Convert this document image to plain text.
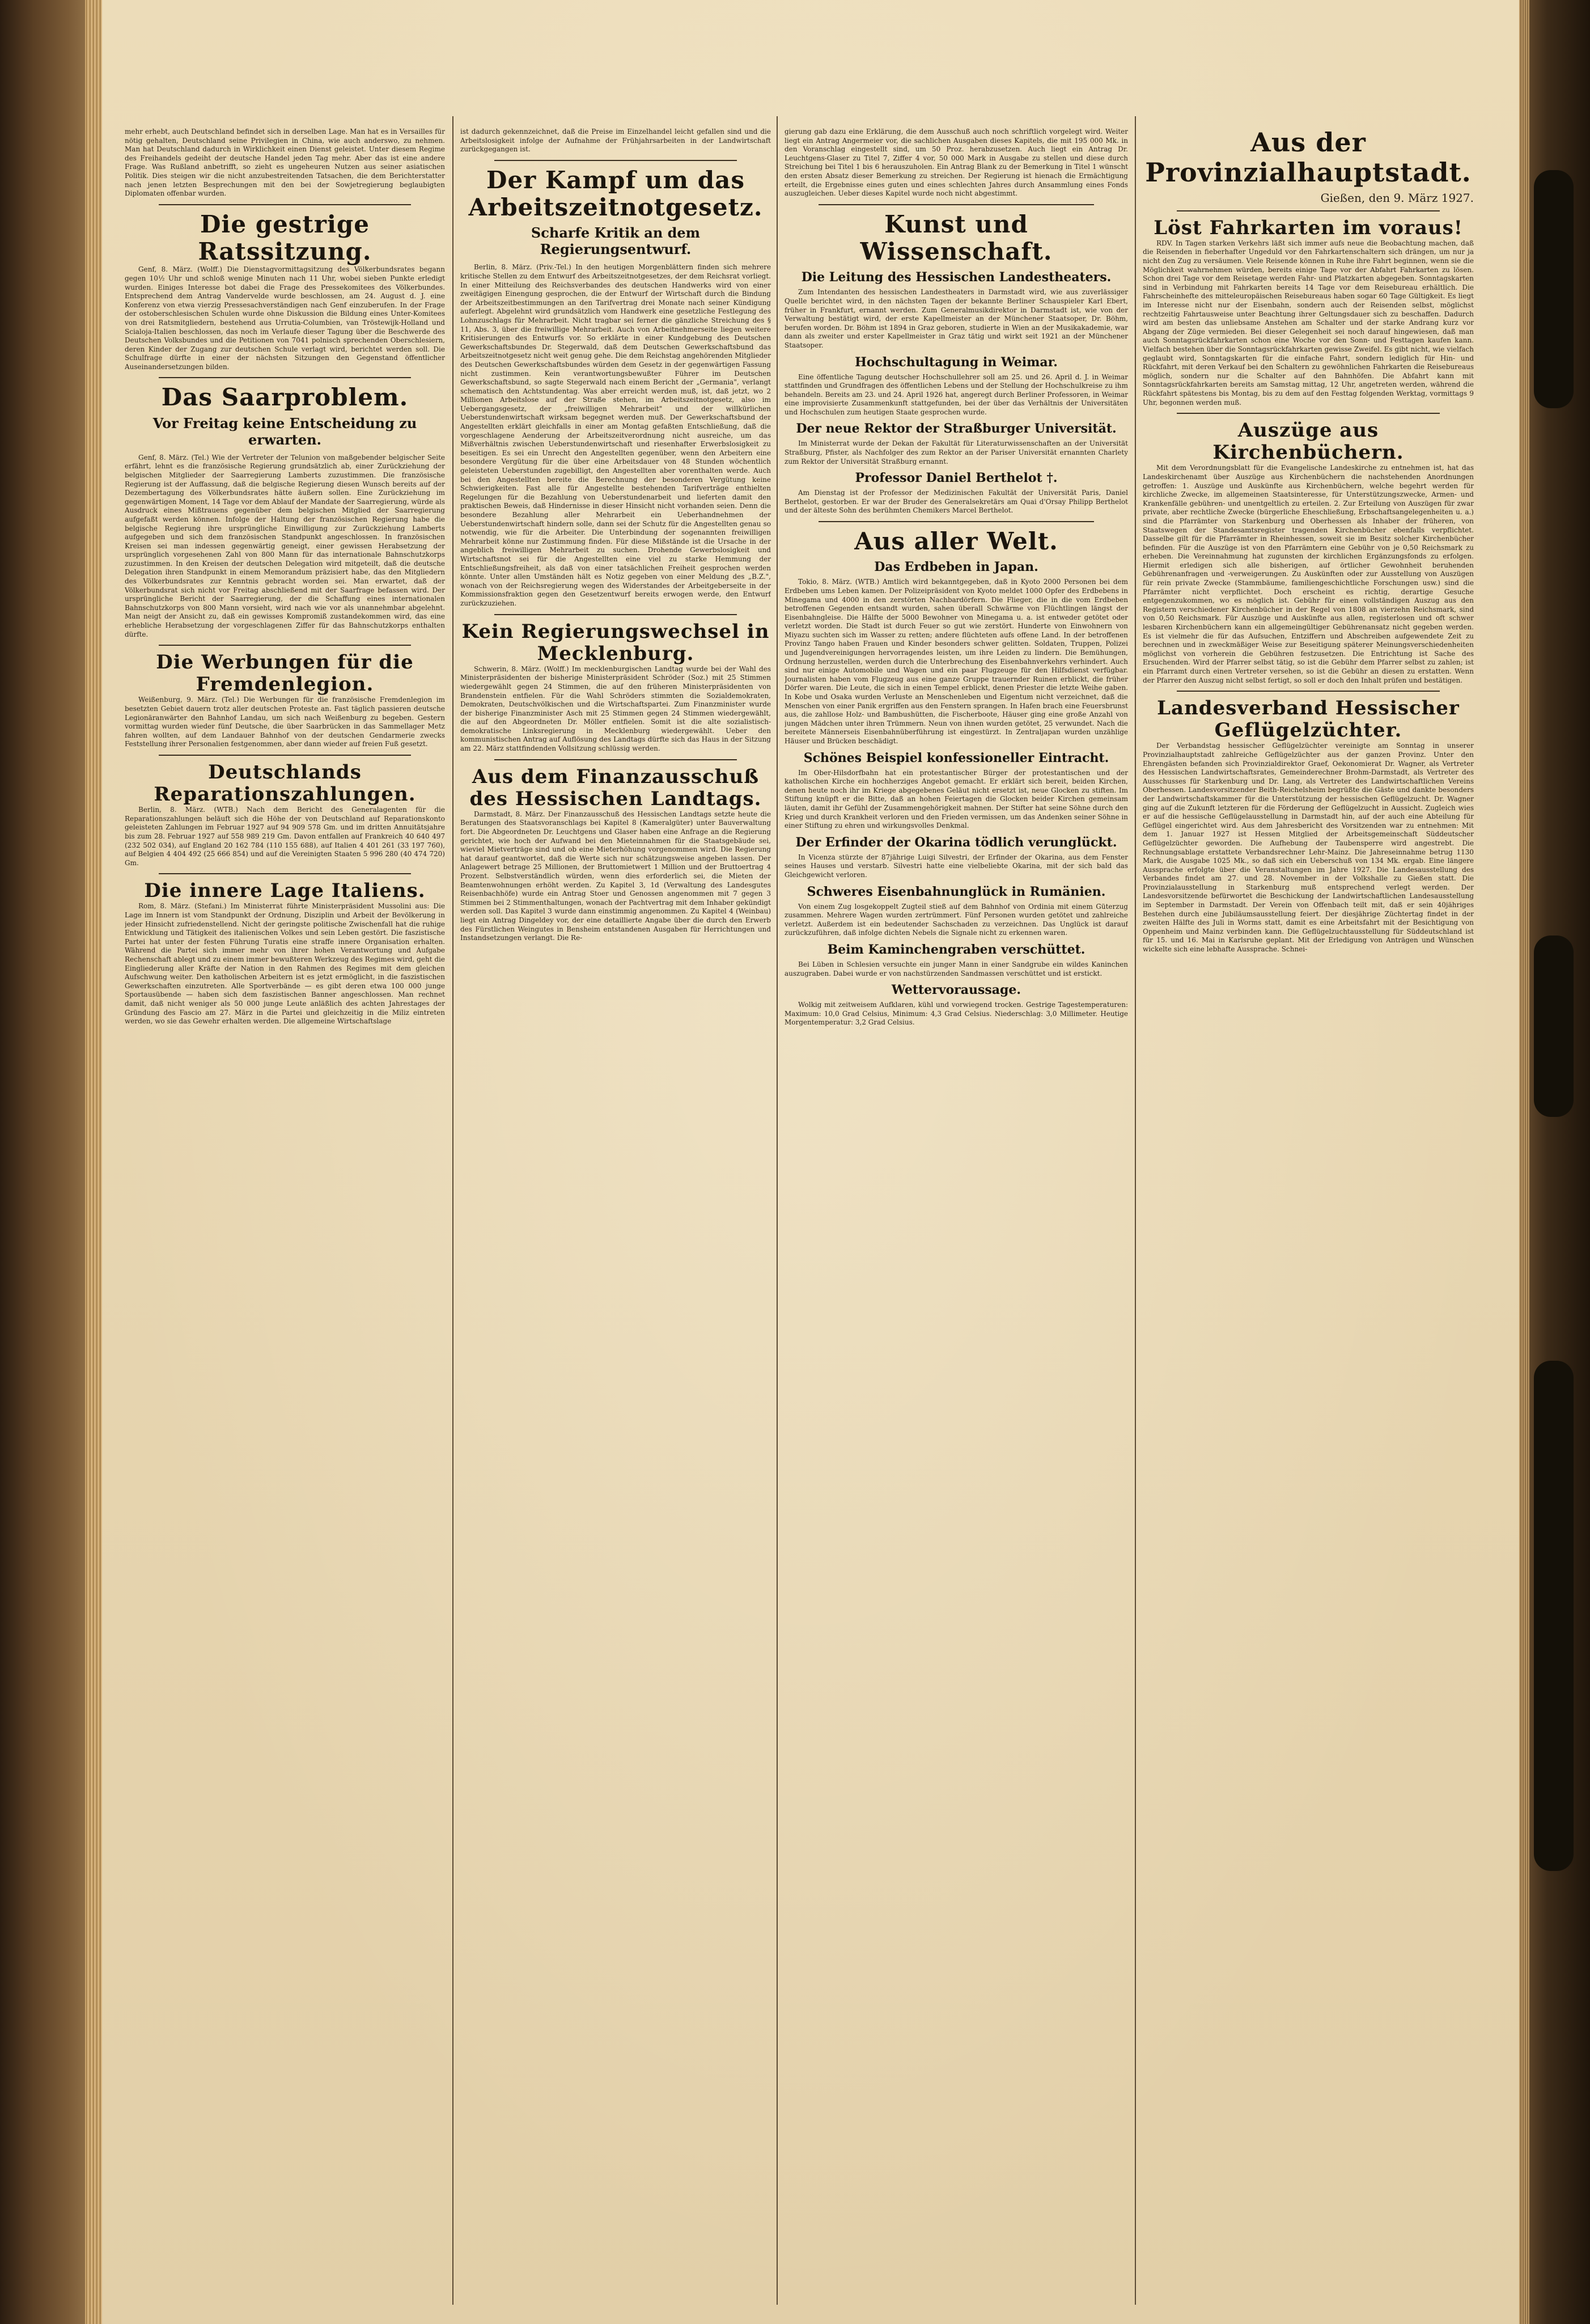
mehr erhebt, auch Deutschland befindet sich in derselben Lage. Man hat es in Versailles für nötig gehalten, Deutschland seine Privilegien in China, wie auch anderswo, zu nehmen. Man hat Deutschland dadurch in Wirklichkeit einen Dienst geleistet. Unter diesem Regime des Freihandels gedeiht der deutsche Handel jeden Tag mehr. Aber das ist eine andere Frage. Was Rußland anbetrifft, so zieht es ungeheuren Nutzen aus seiner asiatischen Politik. Dies steigen wir die nicht anzubestreitenden Tatsachen, die dem Berichterstatter nach jenen letzten Besprechungen mit den bei der Sowjetregierung beglaubigten Diplomaten offenbar wurden.

Die gestrige Ratssitzung.

Genf, 8. März. (Wolff.) Die Dienstagvormittagsitzung des Völkerbundsrates begann gegen 10½ Uhr und schloß wenige Minuten nach 11 Uhr, wobei sieben Punkte erledigt wurden. Einiges Interesse bot dabei die Frage des Pressekomitees des Völkerbundes. Entsprechend dem Antrag Vandervelde wurde beschlossen, am 24. August d. J. eine Konferenz von etwa vierzig Pressesachverständigen nach Genf einzuberufen. In der Frage der ostoberschlesischen Schulen wurde ohne Diskussion die Bildung eines Unter-Komitees von drei Ratsmitgliedern, bestehend aus Urrutia-Columbien, van Tröstewijk-Holland und Scialoja-Italien beschlossen, das noch im Verlaufe dieser Tagung über die Beschwerde des Deutschen Volksbundes und die Petitionen von 7041 polnisch sprechenden Oberschlesiern, deren Kinder der Zugang zur deutschen Schule verlagt wird, berichtet werden soll. Die Schulfrage dürfte in einer der nächsten Sitzungen den Gegenstand öffentlicher Auseinandersetzungen bilden.

Das Saarproblem.
Vor Freitag keine Entscheidung zu erwarten.

Genf, 8. März. (Tel.) Wie der Vertreter der Telunion von maßgebender belgischer Seite erfährt, lehnt es die französische Regierung grundsätzlich ab, einer Zurückziehung der belgischen Mitglieder der Saarregierung Lamberts zuzustimmen. Die französische Regierung ist der Auffassung, daß die belgische Regierung diesen Wunsch bereits auf der Dezembertagung des Völkerbundsrates hätte äußern sollen. Eine Zurückziehung im gegenwärtigen Moment, 14 Tage vor dem Ablauf der Mandate der Saarregierung, würde als Ausdruck eines Mißtrauens gegenüber dem belgischen Mitglied der Saarregierung aufgefaßt werden können. Infolge der Haltung der französischen Regierung habe die belgische Regierung ihre ursprüngliche Einwilligung zur Zurückziehung Lamberts aufgegeben und sich dem französischen Standpunkt angeschlossen. In französischen Kreisen sei man indessen gegenwärtig geneigt, einer gewissen Herabsetzung der ursprünglich vorgesehenen Zahl von 800 Mann für das internationale Bahnschutzkorps zuzustimmen. In den Kreisen der deutschen Delegation wird mitgeteilt, daß die deutsche Delegation ihren Standpunkt in einem Memorandum präzisiert habe, das den Mitgliedern des Völkerbundsrates zur Kenntnis gebracht worden sei. Man erwartet, daß der Völkerbundsrat sich nicht vor Freitag abschließend mit der Saarfrage befassen wird. Der ursprüngliche Bericht der Saarregierung, der die Schaffung eines internationalen Bahnschutzkorps von 800 Mann vorsieht, wird nach wie vor als unannehmbar abgelehnt. Man neigt der Ansicht zu, daß ein gewisses Kompromiß zustandekommen wird, das eine erhebliche Herabsetzung der vorgeschlagenen Ziffer für das Bahnschutzkorps enthalten dürfte.

Die Werbungen für die Fremdenlegion.

Weißenburg, 9. März. (Tel.) Die Werbungen für die französische Fremdenlegion im besetzten Gebiet dauern trotz aller deutschen Proteste an. Fast täglich passieren deutsche Legionäranwärter den Bahnhof Landau, um sich nach Weißenburg zu begeben. Gestern vormittag wurden wieder fünf Deutsche, die über Saarbrücken in das Sammellager Metz fahren wollten, auf dem Landauer Bahnhof von der deutschen Gendarmerie zwecks Feststellung ihrer Personalien festgenommen, aber dann wieder auf freien Fuß gesetzt.

Deutschlands Reparationszahlungen.

Berlin, 8. März. (WTB.) Nach dem Bericht des Generalagenten für die Reparationszahlungen beläuft sich die Höhe der von Deutschland auf Reparationskonto geleisteten Zahlungen im Februar 1927 auf 94 909 578 Gm. und im dritten Annuitätsjahre bis zum 28. Februar 1927 auf 558 989 219 Gm. Davon entfallen auf Frankreich 40 640 497 (232 502 034), auf England 20 162 784 (110 155 688), auf Italien 4 401 261 (33 197 760), auf Belgien 4 404 492 (25 666 854) und auf die Vereinigten Staaten 5 996 280 (40 474 720) Gm.

Die innere Lage Italiens.

Rom, 8. März. (Stefani.) Im Ministerrat führte Ministerpräsident Mussolini aus: Die Lage im Innern ist vom Standpunkt der Ordnung, Disziplin und Arbeit der Bevölkerung in jeder Hinsicht zufriedenstellend. Nicht der geringste politische Zwischenfall hat die ruhige Entwicklung und Tätigkeit des italienischen Volkes und sein Leben gestört. Die faszistische Partei hat unter der festen Führung Turatis eine straffe innere Organisation erhalten. Während die Partei sich immer mehr von ihrer hohen Verantwortung und Aufgabe Rechenschaft ablegt und zu einem immer bewußteren Werkzeug des Regimes wird, geht die Eingliederung aller Kräfte der Nation in den Rahmen des Regimes mit dem gleichen Aufschwung weiter. Den katholischen Arbeitern ist es jetzt ermöglicht, in die faszistischen Gewerkschaften einzutreten. Alle Sportverbände — es gibt deren etwa 100 000 junge Sportausübende — haben sich dem faszistischen Banner angeschlossen. Man rechnet damit, daß nicht weniger als 50 000 junge Leute anläßlich des achten Jahrestages der Gründung des Fascio am 27. März in die Partei und gleichzeitig in die Miliz eintreten werden, wo sie das Gewehr erhalten werden. Die allgemeine Wirtschaftslage

ist dadurch gekennzeichnet, daß die Preise im Einzelhandel leicht gefallen sind und die Arbeitslosigkeit infolge der Aufnahme der Frühjahrsarbeiten in der Landwirtschaft zurückgegangen ist.

Der Kampf um das Arbeitszeitnotgesetz.
Scharfe Kritik an dem Regierungsentwurf.

Berlin, 8. März. (Priv.-Tel.) In den heutigen Morgenblättern finden sich mehrere kritische Stellen zu dem Entwurf des Arbeitszeitnotgesetzes, der dem Reichsrat vorliegt. In einer Mitteilung des Reichsverbandes des deutschen Handwerks wird von einer zweitägigen Einengung gesprochen, die der Entwurf der Wirtschaft durch die Bindung der Arbeitszeitbestimmungen an den Tarifvertrag drei Monate nach seiner Kündigung auferlegt. Abgelehnt wird grundsätzlich vom Handwerk eine gesetzliche Festlegung des Lohnzuschlags für Mehrarbeit. Nicht tragbar sei ferner die gänzliche Streichung des § 11, Abs. 3, über die freiwillige Mehrarbeit. Auch von Arbeitnehmerseite liegen weitere Kritisierungen des Entwurfs vor. So erklärte in einer Kundgebung des Deutschen Gewerkschaftsbundes Dr. Stegerwald, daß dem Deutschen Gewerkschaftsbund das Arbeitszeitnotgesetz nicht weit genug gehe. Die dem Reichstag angehörenden Mitglieder des Deutschen Gewerkschaftsbundes würden dem Gesetz in der gegenwärtigen Fassung nicht zustimmen. Kein verantwortungsbewußter Führer im Deutschen Gewerkschaftsbund, so sagte Stegerwald nach einem Bericht der „Germania", verlangt schematisch den Achtstundentag. Was aber erreicht werden muß, ist, daß jetzt, wo 2 Millionen Arbeitslose auf der Straße stehen, im Arbeitszeitnotgesetz, also im Uebergangsgesetz, der „freiwilligen Mehrarbeit" und der willkürlichen Ueberstundenwirtschaft wirksam begegnet werden muß. Der Gewerkschaftsbund der Angestellten erklärt gleichfalls in einer am Montag gefaßten Entschließung, daß die vorgeschlagene Aenderung der Arbeitszeitverordnung nicht ausreiche, um das Mißverhältnis zwischen Ueberstundenwirtschaft und riesenhafter Erwerbslosigkeit zu beseitigen. Es sei ein Unrecht den Angestellten gegenüber, wenn den Arbeitern eine besondere Vergütung für die über eine Arbeitsdauer von 48 Stunden wöchentlich geleisteten Ueberstunden zugebilligt, den Angestellten aber vorenthalten werde. Auch bei den Angestellten bereite die Berechnung der besonderen Vergütung keine Schwierigkeiten. Fast alle für Angestellte bestehenden Tarifverträge enthielten Regelungen für die Bezahlung von Ueberstundenarbeit und lieferten damit den praktischen Beweis, daß Hindernisse in dieser Hinsicht nicht vorhanden seien. Denn die besondere Bezahlung aller Mehrarbeit ein Ueberhandnehmen der Ueberstundenwirtschaft hindern solle, dann sei der Schutz für die Angestellten genau so notwendig, wie für die Arbeiter. Die Unterbindung der sogenannten freiwilligen Mehrarbeit könne nur Zustimmung finden. Für diese Mißstände ist die Ursache in der angeblich freiwilligen Mehrarbeit zu suchen. Drohende Gewerbslosigkeit und Wirtschaftsnot sei für die Angestellten eine viel zu starke Hemmung der Entschließungsfreiheit, als daß von einer tatsächlichen Freiheit gesprochen werden könnte. Unter allen Umständen hält es Notiz gegeben von einer Meldung des „B.Z.", wonach von der Reichsregierung wegen des Widerstandes der Arbeitgeberseite in der Kommissionsfraktion gegen den Gesetzentwurf bereits erwogen werde, den Entwurf zurückzuziehen.

Kein Regierungswechsel in Mecklenburg.

Schwerin, 8. März. (Wolff.) Im mecklenburgischen Landtag wurde bei der Wahl des Ministerpräsidenten der bisherige Ministerpräsident Schröder (Soz.) mit 25 Stimmen wiedergewählt gegen 24 Stimmen, die auf den früheren Ministerpräsidenten von Brandenstein entfielen. Für die Wahl Schröders stimmten die Sozialdemokraten, Demokraten, Deutschvölkischen und die Wirtschaftspartei. Zum Finanzminister wurde der bisherige Finanzminister Asch mit 25 Stimmen gegen 24 Stimmen wiedergewählt, die auf den Abgeordneten Dr. Möller entfielen. Somit ist die alte sozialistisch-demokratische Linksregierung in Mecklenburg wiedergewählt. Ueber den kommunistischen Antrag auf Auflösung des Landtags dürfte sich das Haus in der Sitzung am 22. März stattfindenden Vollsitzung schlüssig werden.

Aus dem Finanzausschuß des Hessischen Landtags.

Darmstadt, 8. März. Der Finanzausschuß des Hessischen Landtags setzte heute die Beratungen des Staatsvoranschlags bei Kapitel 8 (Kameralgüter) unter Bauverwaltung fort. Die Abgeordneten Dr. Leuchtgens und Glaser haben eine Anfrage an die Regierung gerichtet, wie hoch der Aufwand bei den Mieteinnahmen für die Staatsgebäude sei, wieviel Mietverträge sind und ob eine Mieterhöhung vorgenommen wird. Die Regierung hat darauf geantwortet, daß die Werte sich nur schätzungsweise angeben lassen. Der Anlagewert betrage 25 Millionen, der Bruttomietwert 1 Million und der Bruttoertrag 4 Prozent. Selbstverständlich würden, wenn dies erforderlich sei, die Mieten der Beamtenwohnungen erhöht werden. Zu Kapitel 3, 1d (Verwaltung des Landesgutes Reisenbachhöfe) wurde ein Antrag Stoer und Genossen angenommen mit 7 gegen 3 Stimmen bei 2 Stimmenthaltungen, wonach der Pachtvertrag mit dem Inhaber gekündigt werden soll. Das Kapitel 3 wurde dann einstimmig angenommen. Zu Kapitel 4 (Weinbau) liegt ein Antrag Dingeldey vor, der eine detaillierte Angabe über die durch den Erwerb des Fürstlichen Weingutes in Bensheim entstandenen Ausgaben für Herrichtungen und Instandsetzungen verlangt. Die Re-

gierung gab dazu eine Erklärung, die dem Ausschuß auch noch schriftlich vorgelegt wird. Weiter liegt ein Antrag Angermeier vor, die sachlichen Ausgaben dieses Kapitels, die mit 195 000 Mk. in den Voranschlag eingestellt sind, um 50 Proz. herabzusetzen. Auch liegt ein Antrag Dr. Leuchtgens-Glaser zu Titel 7, Ziffer 4 vor, 50 000 Mark in Ausgabe zu stellen und diese durch Streichung bei Titel 1 bis 6 herauszuholen. Ein Antrag Blank zu der Bemerkung in Titel 1 wünscht den ersten Absatz dieser Bemerkung zu streichen. Der Regierung ist hienach die Ermächtigung erteilt, die Ergebnisse eines guten und eines schlechten Jahres durch Ansammlung eines Fonds auszugleichen. Ueber dieses Kapitel wurde noch nicht abgestimmt.

Kunst und Wissenschaft.
Die Leitung des Hessischen Landestheaters.

Zum Intendanten des hessischen Landestheaters in Darmstadt wird, wie aus zuverlässiger Quelle berichtet wird, in den nächsten Tagen der bekannte Berliner Schauspieler Karl Ebert, früher in Frankfurt, ernannt werden. Zum Generalmusikdirektor in Darmstadt ist, wie von der Verwaltung bestätigt wird, der erste Kapellmeister an der Münchener Staatsoper, Dr. Böhm, berufen worden. Dr. Böhm ist 1894 in Graz geboren, studierte in Wien an der Musikakademie, war dann als zweiter und erster Kapellmeister in Graz tätig und wirkt seit 1921 an der Münchener Staatsoper.

Hochschultagung in Weimar.

Eine öffentliche Tagung deutscher Hochschullehrer soll am 25. und 26. April d. J. in Weimar stattfinden und Grundfragen des öffentlichen Lebens und der Stellung der Hochschulkreise zu ihm behandeln. Bereits am 23. und 24. April 1926 hat, angeregt durch Berliner Professoren, in Weimar eine improvisierte Zusammenkunft stattgefunden, bei der über das Verhältnis der Universitäten und Hochschulen zum heutigen Staate gesprochen wurde.

Der neue Rektor der Straßburger Universität.

Im Ministerrat wurde der Dekan der Fakultät für Literaturwissenschaften an der Universität Straßburg, Pfister, als Nachfolger des zum Rektor an der Pariser Universität ernannten Charlety zum Rektor der Universität Straßburg ernannt.

Professor Daniel Berthelot †.

Am Dienstag ist der Professor der Medizinischen Fakultät der Universität Paris, Daniel Berthelot, gestorben. Er war der Bruder des Generalsekretärs am Quai d'Orsay Philipp Berthelot und der älteste Sohn des berühmten Chemikers Marcel Berthelot.

Aus aller Welt.
Das Erdbeben in Japan.

Tokio, 8. März. (WTB.) Amtlich wird bekanntgegeben, daß in Kyoto 2000 Personen bei dem Erdbeben ums Leben kamen. Der Polizeipräsident von Kyoto meldet 1000 Opfer des Erdbebens in Minegama und 4000 in den zerstörten Nachbardörfern. Die Flieger, die in die vom Erdbeben betroffenen Gegenden entsandt wurden, sahen überall Schwärme von Flüchtlingen längst der Eisenbahngleise. Die Hälfte der 5000 Bewohner von Minegama u. a. ist entweder getötet oder verletzt worden. Die Stadt ist durch Feuer so gut wie zerstört. Hunderte von Einwohnern von Miyazu suchten sich im Wasser zu retten; andere flüchteten aufs offene Land. In der betroffenen Provinz Tango haben Frauen und Kinder besonders schwer gelitten. Soldaten, Truppen, Polizei und Jugendvereinigungen hervorragendes leisten, um ihre Leiden zu lindern. Die Bemühungen, Ordnung herzustellen, werden durch die Unterbrechung des Eisenbahnverkehrs verhindert. Auch sind nur einige Automobile und Wagen und ein paar Flugzeuge für den Hilfsdienst verfügbar. Journalisten haben vom Flugzeug aus eine ganze Gruppe trauernder Ruinen erblickt, die früher Dörfer waren. Die Leute, die sich in einen Tempel erblickt, denen Priester die letzte Weihe gaben. In Kobe und Osaka wurden Verluste an Menschenleben und Eigentum nicht verzeichnet, daß die Menschen von einer Panik ergriffen aus den Fenstern sprangen. In Hafen brach eine Feuersbrunst aus, die zahllose Holz- und Bambushütten, die Fischerboote, Häuser ging eine große Anzahl von jungen Mädchen unter ihren Trümmern. Neun von ihnen wurden getötet, 25 verwundet. Nach die bereitete Männerseis Eisenbahnüberführung ist eingestürzt. In Zentraljapan wurden unzählige Häuser und Brücken beschädigt.

Schönes Beispiel konfessioneller Eintracht.

Im Ober-Hilsdorfbahn hat ein protestantischer Bürger der protestantischen und der katholischen Kirche ein hochherziges Angebot gemacht. Er erklärt sich bereit, beiden Kirchen, denen heute noch ihr im Kriege abgegebenes Geläut nicht ersetzt ist, neue Glocken zu stiften. Im Stiftung knüpft er die Bitte, daß an hohen Feiertagen die Glocken beider Kirchen gemeinsam läuten, damit ihr Gefühl der Zusammengehörigkeit mahnen. Der Stifter hat seine Söhne durch den Krieg und durch Krankheit verloren und den Frieden vermissen, um das Andenken seiner Söhne in einer Stiftung zu ehren und wirkungsvolles Denkmal.

Der Erfinder der Okarina tödlich verunglückt.

In Vicenza stürzte der 87jährige Luigi Silvestri, der Erfinder der Okarina, aus dem Fenster seines Hauses und verstarb. Silvestri hatte eine vielbeliebte Okarina, mit der sich bald das Gleichgewicht verloren.

Schweres Eisenbahnunglück in Rumänien.

Von einem Zug losgekoppelt Zugteil stieß auf dem Bahnhof von Ordinia mit einem Güterzug zusammen. Mehrere Wagen wurden zertrümmert. Fünf Personen wurden getötet und zahlreiche verletzt. Außerdem ist ein bedeutender Sachschaden zu verzeichnen. Das Unglück ist darauf zurückzuführen, daß infolge dichten Nebels die Signale nicht zu erkennen waren.

Beim Kaminchengraben verschüttet.

Bei Lüben in Schlesien versuchte ein junger Mann in einer Sandgrube ein wildes Kaninchen auszugraben. Dabei wurde er von nachstürzenden Sandmassen verschüttet und ist erstickt.

Wettervoraussage.

Wolkig mit zeitweisem Aufklaren, kühl und vorwiegend trocken. Gestrige Tagestemperaturen: Maximum: 10,0 Grad Celsius, Minimum: 4,3 Grad Celsius. Niederschlag: 3,0 Millimeter. Heutige Morgentemperatur: 3,2 Grad Celsius.

Aus der Provinzialhauptstadt.
Gießen, den 9. März 1927.
Löst Fahrkarten im voraus!

RDV. In Tagen starken Verkehrs läßt sich immer aufs neue die Beobachtung machen, daß die Reisenden in fieberhafter Ungeduld vor den Fahrkartenschaltern sich drängen, um nur ja nicht den Zug zu versäumen. Viele Reisende können in Ruhe ihre Fahrt beginnen, wenn sie die Möglichkeit wahrnehmen würden, bereits einige Tage vor der Abfahrt Fahrkarten zu lösen. Schon drei Tage vor dem Reisetage werden Fahr- und Platzkarten abgegeben. Sonntagskarten sind in Verbindung mit Fahrkarten bereits 14 Tage vor dem Reisebureau erhältlich. Die Fahrscheinhefte des mitteleuropäischen Reisebureaus haben sogar 60 Tage Gültigkeit. Es liegt im Interesse nicht nur der Eisenbahn, sondern auch der Reisenden selbst, möglichst rechtzeitig Fahrtausweise unter Beachtung ihrer Geltungsdauer sich zu beschaffen. Dadurch wird am besten das unliebsame Anstehen am Schalter und der starke Andrang kurz vor Abgang der Züge vermieden. Bei dieser Gelegenheit sei noch darauf hingewiesen, daß man auch Sonntagsrückfahrkarten schon eine Woche vor den Sonn- und Festtagen kaufen kann. Vielfach bestehen über die Sonntagsrückfahrkarten gewisse Zweifel. Es gibt nicht, wie vielfach geglaubt wird, Sonntagskarten für die einfache Fahrt, sondern lediglich für Hin- und Rückfahrt, mit deren Verkauf bei den Schaltern zu gewöhnlichen Fahrkarten die Reisebureaus möglich, sondern nur die Schalter auf den Bahnhöfen. Die Abfahrt kann mit Sonntagsrückfahrkarten bereits am Samstag mittag, 12 Uhr, angetreten werden, während die Rückfahrt spätestens bis Montag, bis zu dem auf den Festtag folgenden Werktag, vormittags 9 Uhr, begonnen werden muß.

Auszüge aus Kirchenbüchern.

Mit dem Verordnungsblatt für die Evangelische Landeskirche zu entnehmen ist, hat das Landeskirchenamt über Auszüge aus Kirchenbüchern die nachstehenden Anordnungen getroffen: 1. Auszüge und Auskünfte aus Kirchenbüchern, welche begehrt werden für kirchliche Zwecke, im allgemeinen Staatsinteresse, für Unterstützungszwecke, Armen- und Krankenfälle gebühren- und unentgeltlich zu erteilen. 2. Zur Erteilung von Auszügen für zwar private, aber rechtliche Zwecke (bürgerliche Eheschließung, Erbschaftsangelegenheiten u. a.) sind die Pfarrämter von Starkenburg und Oberhessen als Inhaber der früheren, von Staatswegen der Standesamtsregister tragenden Kirchenbücher ebenfalls verpflichtet. Dasselbe gilt für die Pfarrämter in Rheinhessen, soweit sie im Besitz solcher Kirchenbücher befinden. Für die Auszüge ist von den Pfarrämtern eine Gebühr von je 0,50 Reichsmark zu erheben. Die Vereinnahmung hat zugunsten der kirchlichen Ergänzungsfonds zu erfolgen. Hiermit erledigen sich alle bisherigen, auf örtlicher Gewohnheit beruhenden Gebührenanfragen und -verweigerungen. Zu Auskünften oder zur Ausstellung von Auszügen für rein private Zwecke (Stammbäume, familiengeschichtliche Forschungen usw.) sind die Pfarrämter nicht verpflichtet. Doch erscheint es richtig, derartige Gesuche entgegenzukommen, wo es möglich ist. Gebühr für einen vollständigen Auszug aus den Registern verschiedener Kirchenbücher in der Regel von 1808 an vierzehn Reichsmark, sind von 0,50 Reichsmark. Für Auszüge und Auskünfte aus allen, registerlosen und oft schwer lesbaren Kirchenbüchern kann ein allgemeingültiger Gebührenansatz nicht gegeben werden. Es ist vielmehr die für das Aufsuchen, Entziffern und Abschreiben aufgewendete Zeit zu berechnen und in zweckmäßiger Weise zur Beseitigung späterer Meinungsverschiedenheiten möglichst von vorherein die Gebühren festzusetzen. Die Entrichtung ist Sache des Ersuchenden. Wird der Pfarrer selbst tätig, so ist die Gebühr dem Pfarrer selbst zu zahlen; ist ein Pfarramt durch einen Vertreter versehen, so ist die Gebühr an diesen zu erstatten. Wenn der Pfarrer den Auszug nicht selbst fertigt, so soll er doch den Inhalt prüfen und bestätigen.

Landesverband Hessischer Geflügelzüchter.

Der Verbandstag hessischer Geflügelzüchter vereinigte am Sonntag in unserer Provinzialhauptstadt zahlreiche Geflügelzüchter aus der ganzen Provinz. Unter den Ehrengästen befanden sich Provinzialdirektor Graef, Oekonomierat Dr. Wagner, als Vertreter des Hessischen Landwirtschaftsrates, Gemeinderechner Brohm-Darmstadt, als Vertreter des Ausschusses für Starkenburg und Dr. Lang, als Vertreter des Landwirtschaftlichen Vereins Oberhessen. Landesvorsitzender Beith-Reichelsheim begrüßte die Gäste und dankte besonders der Landwirtschaftskammer für die Unterstützung der hessischen Geflügelzucht. Dr. Wagner ging auf die Zukunft letzteren für die Förderung der Geflügelzucht in Aussicht. Zugleich wies er auf die hessische Geflügelausstellung in Darmstadt hin, auf der auch eine Abteilung für Geflügel eingerichtet wird. Aus dem Jahresbericht des Vorsitzenden war zu entnehmen: Mit dem 1. Januar 1927 ist Hessen Mitglied der Arbeitsgemeinschaft Süddeutscher Geflügelzüchter geworden. Die Aufhebung der Taubensperre wird angestrebt. Die Rechnungsablage erstattete Verbandsrechner Lehr-Mainz. Die Jahreseinnahme betrug 1130 Mark, die Ausgabe 1025 Mk., so daß sich ein Ueberschuß von 134 Mk. ergab. Eine längere Aussprache erfolgte über die Veranstaltungen im Jahre 1927. Die Landesausstellung des Verbandes findet am 27. und 28. November in der Volkshalle zu Gießen statt. Die Provinzialausstellung in Starkenburg muß entsprechend verlegt werden. Der Landesvorsitzende befürwortet die Beschickung der Landwirtschaftlichen Landesausstellung im September in Darmstadt. Der Verein von Offenbach teilt mit, daß er sein 40jähriges Bestehen durch eine Jubiläumsausstellung feiert. Der diesjährige Züchtertag findet in der zweiten Hälfte des Juli in Worms statt, damit es eine Arbeitsfahrt mit der Besichtigung von Oppenheim und Mainz verbinden kann. Die Geflügelzuchtausstellung für Süddeutschland ist für 15. und 16. Mai in Karlsruhe geplant. Mit der Erledigung von Anträgen und Wünschen wickelte sich eine lebhafte Aussprache. Schnei-
